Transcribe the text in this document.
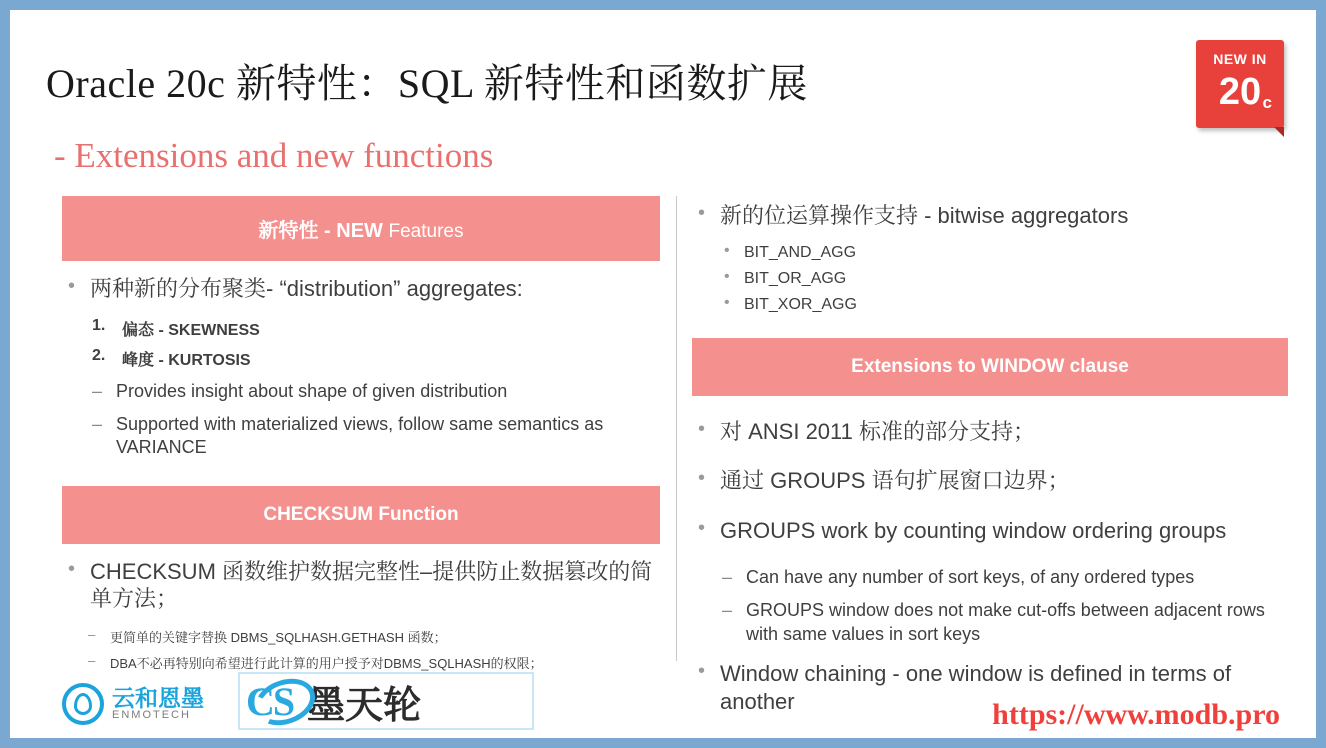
Oracle 20c 新特性：SQL 新特性和函数扩展
- Extensions and new functions
NEW IN
20 c
新特性 - NEW Features
• 两种新的分布聚类- “distribution” aggregates:
偏态 - SKEWNESS
峰度 - KURTOSIS
– Provides insight about shape of given distribution
– Supported with materialized views, follow same semantics as VARIANCE
CHECKSUM Function
• CHECKSUM 函数维护数据完整性–提供防止数据篡改的简单方法；
– 更简单的关键字替换 DBMS_SQLHASH.GETHASH 函数；
– DBA不必再特别向希望进行此计算的用户授予对DBMS_SQLHASH的权限；
• 新的位运算操作支持 - bitwise aggregators
• BIT_AND_AGG
• BIT_OR_AGG
• BIT_XOR_AGG
Extensions to WINDOW clause
• 对 ANSI 2011 标准的部分支持；
• 通过 GROUPS 语句扩展窗口边界；
• GROUPS work by counting window ordering groups
– Can have any number of sort keys, of any ordered types
– GROUPS window does not make cut-offs between adjacent rows with same values in sort keys
• Window chaining - one window is defined in terms of another
云和恩墨
ENMOTECH	CS 墨天轮	https://www.modb.pro
